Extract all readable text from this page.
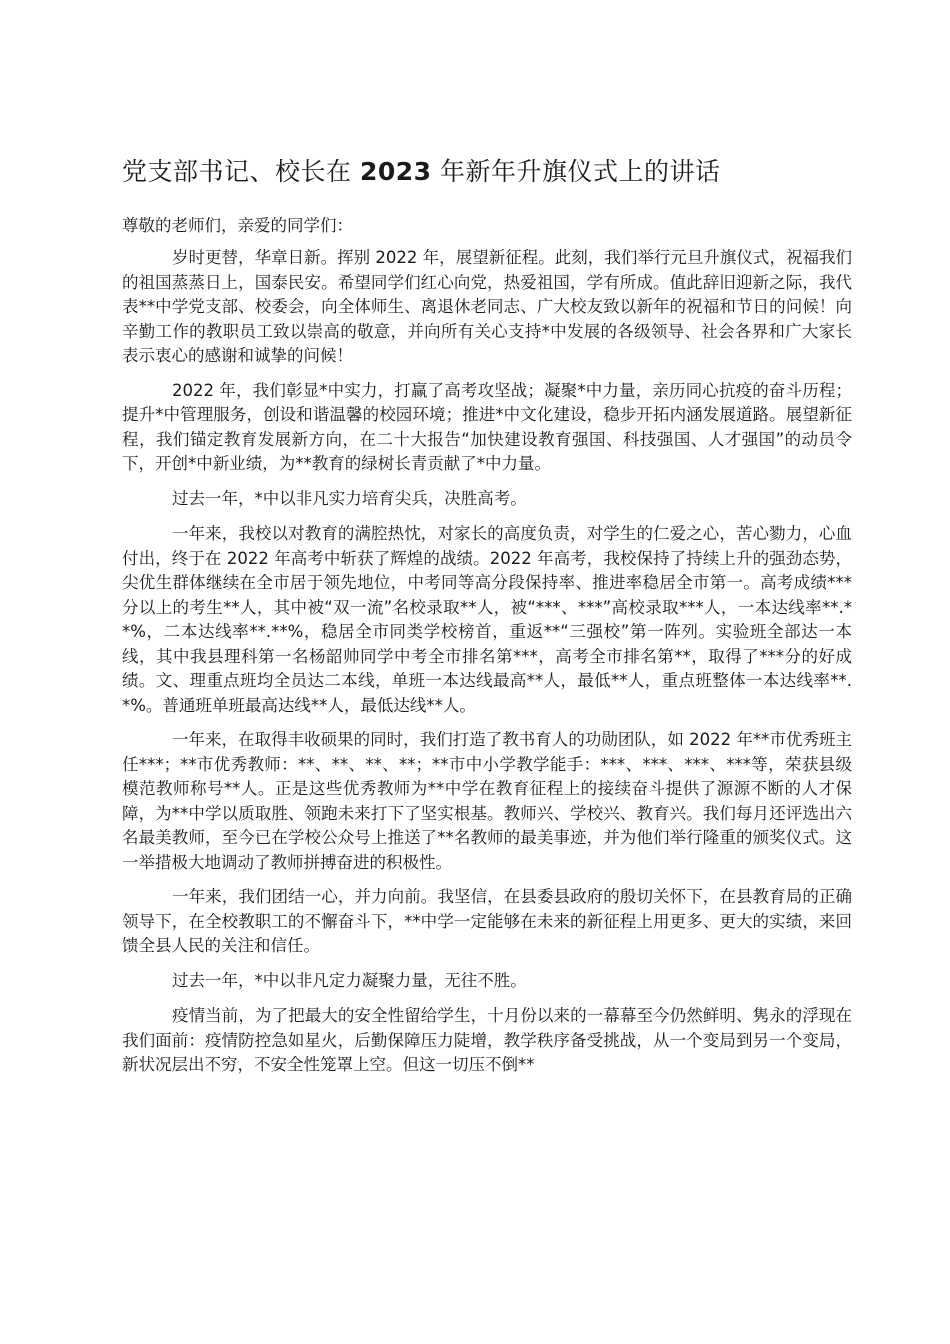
党支部书记、校长在 2023 年新年升旗仪式上的讲话

尊敬的老师们，亲爱的同学们：

岁时更替，华章日新。挥别 2022 年，展望新征程。此刻，我们举行元旦升旗仪式，祝福我们的祖国蒸蒸日上，国泰民安。希望同学们红心向党，热爱祖国，学有所成。值此辞旧迎新之际，我代表**中学党支部、校委会，向全体师生、离退休老同志、广大校友致以新年的祝福和节日的问候！向辛勤工作的教职员工致以崇高的敬意，并向所有关心支持*中发展的各级领导、社会各界和广大家长表示衷心的感谢和诚挚的问候！

2022 年，我们彰显*中实力，打赢了高考攻坚战；凝聚*中力量，亲历同心抗疫的奋斗历程；提升*中管理服务，创设和谐温馨的校园环境；推进*中文化建设，稳步开拓内涵发展道路。展望新征程，我们锚定教育发展新方向，在二十大报告“加快建设教育强国、科技强国、人才强国”的动员令下，开创*中新业绩，为**教育的绿树长青贡献了*中力量。

过去一年，*中以非凡实力培育尖兵，决胜高考。

一年来，我校以对教育的满腔热忱，对家长的高度负责，对学生的仁爱之心，苦心勠力，心血付出，终于在 2022 年高考中斩获了辉煌的战绩。2022 年高考，我校保持了持续上升的强劲态势，尖优生群体继续在全市居于领先地位，中考同等高分段保持率、推进率稳居全市第一。高考成绩***分以上的考生**人，其中被“双一流”名校录取**人，被“***、***”高校录取***人，一本达线率**.**%，二本达线率**.**%，稳居全市同类学校榜首，重返**“三强校”第一阵列。实验班全部达一本线，其中我县理科第一名杨韶帅同学中考全市排名第***，高考全市排名第**，取得了***分的好成绩。文、理重点班均全员达二本线，单班一本达线最高**人，最低**人，重点班整体一本达线率**.*%。普通班单班最高达线**人，最低达线**人。

一年来，在取得丰收硕果的同时，我们打造了教书育人的功勋团队，如 2022 年**市优秀班主任***；**市优秀教师：**、**、**、**；**市中小学教学能手：***、***、***、***等，荣获县级模范教师称号**人。正是这些优秀教师为**中学在教育征程上的接续奋斗提供了源源不断的人才保障，为**中学以质取胜、领跑未来打下了坚实根基。教师兴、学校兴、教育兴。我们每月还评选出六名最美教师，至今已在学校公众号上推送了**名教师的最美事迹，并为他们举行隆重的颁奖仪式。这一举措极大地调动了教师拼搏奋进的积极性。

一年来，我们团结一心，并力向前。我坚信，在县委县政府的殷切关怀下，在县教育局的正确领导下，在全校教职工的不懈奋斗下，**中学一定能够在未来的新征程上用更多、更大的实绩，来回馈全县人民的关注和信任。

过去一年，*中以非凡定力凝聚力量，无往不胜。

疫情当前，为了把最大的安全性留给学生，十月份以来的一幕幕至今仍然鲜明、隽永的浮现在我们面前：疫情防控急如星火，后勤保障压力陡增，教学秩序备受挑战，从一个变局到另一个变局，新状况层出不穷，不安全性笼罩上空。但这一切压不倒**
